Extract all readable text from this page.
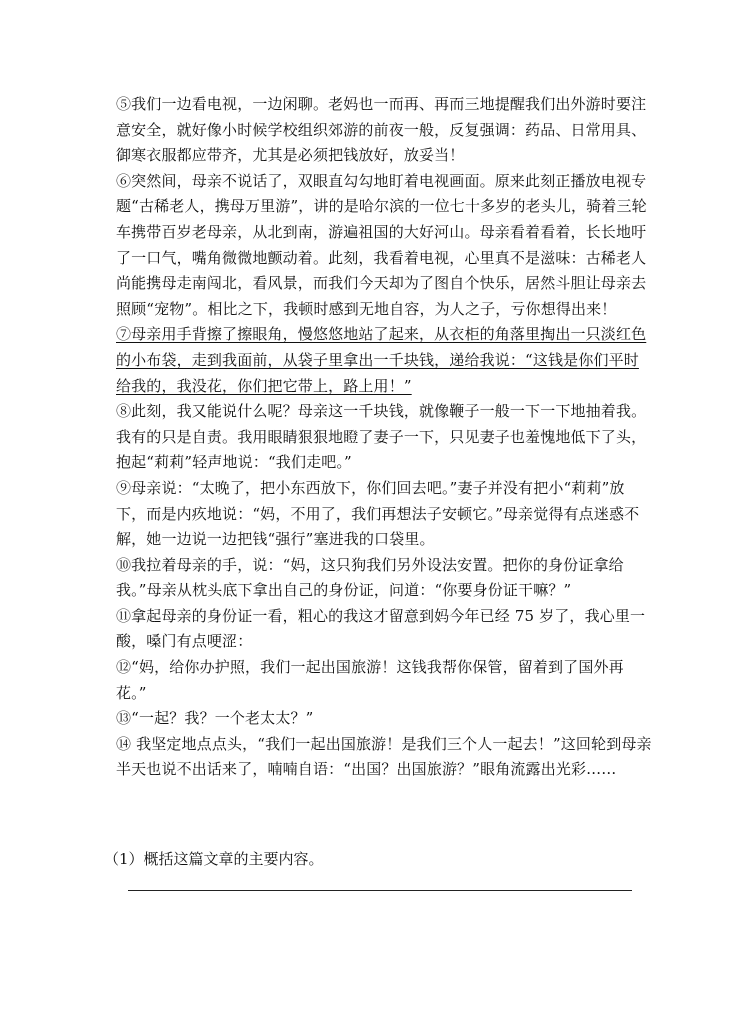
⑤我们一边看电视，一边闲聊。老妈也一而再、再而三地提醒我们出外游时要注意安全，就好像小时候学校组织郊游的前夜一般，反复强调：药品、日常用具、御寒衣服都应带齐，尤其是必须把钱放好，放妥当！

⑥突然间，母亲不说话了，双眼直勾勾地盯着电视画面。原来此刻正播放电视专题“古稀老人，携母万里游”，讲的是哈尔滨的一位七十多岁的老头儿，骑着三轮车携带百岁老母亲，从北到南，游遍祖国的大好河山。母亲看着看着，长长地吁了一口气，嘴角微微地颤动着。此刻，我看着电视，心里真不是滋味：古稀老人尚能携母走南闯北，看风景，而我们今天却为了图自个快乐，居然斗胆让母亲去照顾“宠物”。相比之下，我顿时感到无地自容，为人之子，亏你想得出来！

⑦母亲用手背擦了擦眼角，慢悠悠地站了起来，从衣柜的角落里掏出一只淡红色的小布袋，走到我面前，从袋子里拿出一千块钱，递给我说：“这钱是你们平时给我的，我没花，你们把它带上，路上用！”

⑧此刻，我又能说什么呢？母亲这一千块钱，就像鞭子一般一下一下地抽着我。我有的只是自责。我用眼睛狠狠地瞪了妻子一下，只见妻子也羞愧地低下了头，抱起“莉莉”轻声地说：“我们走吧。”

⑨母亲说：“太晚了，把小东西放下，你们回去吧。”妻子并没有把小“莉莉”放下，而是内疚地说：“妈，不用了，我们再想法子安顿它。”母亲觉得有点迷惑不解，她一边说一边把钱“强行”塞进我的口袋里。

⑩我拉着母亲的手，说：“妈，这只狗我们另外设法安置。把你的身份证拿给我。”母亲从枕头底下拿出自己的身份证，问道：“你要身份证干嘛？”

⑪拿起母亲的身份证一看，粗心的我这才留意到妈今年已经 75 岁了，我心里一酸，嗓门有点哽涩：

⑫“妈，给你办护照，我们一起出国旅游！这钱我帮你保管，留着到了国外再花。”

⑬“一起？我？一个老太太？”

⑭ 我坚定地点点头，“我们一起出国旅游！是我们三个人一起去！”这回轮到母亲半天也说不出话来了，喃喃自语：“出国？出国旅游？”眼角流露出光彩……

（1）概括这篇文章的主要内容。
